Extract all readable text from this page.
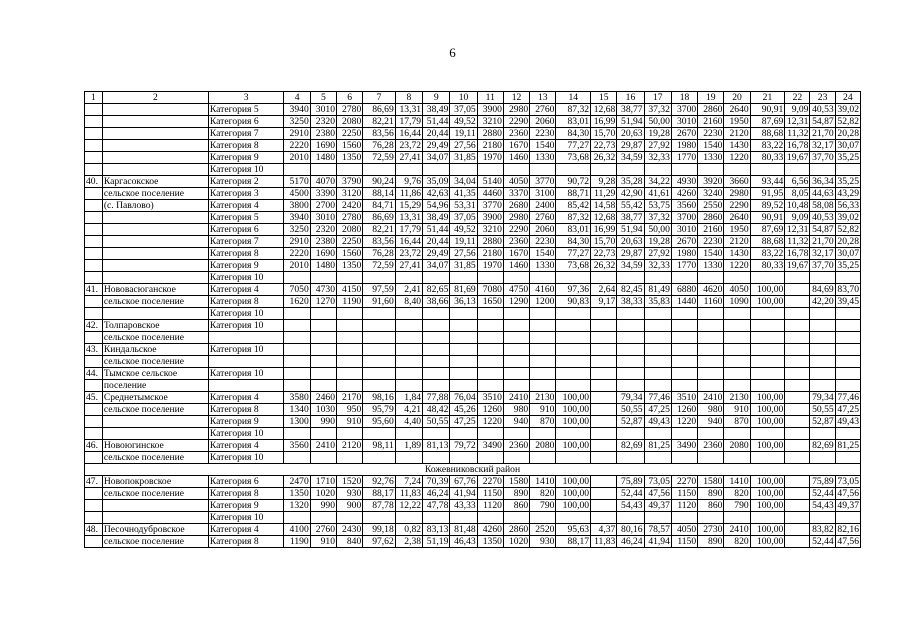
6
1	2	3	4	5	6	7	8	9	10	11	12	13	14	15	16	17	18	19	20	21	22	23	24
		Категория 5	3940	3010	2780	86,69	13,31	38,49	37,05	3900	2980	2760	87,32	12,68	38,77	37,32	3700	2860	2640	90,91	9,09	40,53	39,02
		Категория 6	3250	2320	2080	82,21	17,79	51,44	49,52	3210	2290	2060	83,01	16,99	51,94	50,00	3010	2160	1950	87,69	12,31	54,87	52,82
		Категория 7	2910	2380	2250	83,56	16,44	20,44	19,11	2880	2360	2230	84,30	15,70	20,63	19,28	2670	2230	2120	88,68	11,32	21,70	20,28
		Категория 8	2220	1690	1560	76,28	23,72	29,49	27,56	2180	1670	1540	77,27	22,73	29,87	27,92	1980	1540	1430	83,22	16,78	32,17	30,07
		Категория 9	2010	1480	1350	72,59	27,41	34,07	31,85	1970	1460	1330	73,68	26,32	34,59	32,33	1770	1330	1220	80,33	19,67	37,70	35,25
		Категория 10																					
40.	Каргасокское	Категория 2	5170	4070	3790	90,24	9,76	35,09	34,04	5140	4050	3770	90,72	9,28	35,28	34,22	4930	3920	3660	93,44	6,56	36,34	35,25
	сельское поселение	Категория 3	4500	3390	3120	88,14	11,86	42,63	41,35	4460	3370	3100	88,71	11,29	42,90	41,61	4260	3240	2980	91,95	8,05	44,63	43,29
	(с. Павлово)	Категория 4	3800	2700	2420	84,71	15,29	54,96	53,31	3770	2680	2400	85,42	14,58	55,42	53,75	3560	2550	2290	89,52	10,48	58,08	56,33
		Категория 5	3940	3010	2780	86,69	13,31	38,49	37,05	3900	2980	2760	87,32	12,68	38,77	37,32	3700	2860	2640	90,91	9,09	40,53	39,02
		Категория 6	3250	2320	2080	82,21	17,79	51,44	49,52	3210	2290	2060	83,01	16,99	51,94	50,00	3010	2160	1950	87,69	12,31	54,87	52,82
		Категория 7	2910	2380	2250	83,56	16,44	20,44	19,11	2880	2360	2230	84,30	15,70	20,63	19,28	2670	2230	2120	88,68	11,32	21,70	20,28
		Категория 8	2220	1690	1560	76,28	23,72	29,49	27,56	2180	1670	1540	77,27	22,73	29,87	27,92	1980	1540	1430	83,22	16,78	32,17	30,07
		Категория 9	2010	1480	1350	72,59	27,41	34,07	31,85	1970	1460	1330	73,68	26,32	34,59	32,33	1770	1330	1220	80,33	19,67	37,70	35,25
		Категория 10																					
41.	Нововасюганское	Категория 4	7050	4730	4150	97,59	2,41	82,65	81,69	7080	4750	4160	97,36	2,64	82,45	81,49	6880	4620	4050	100,00		84,69	83,70
	сельское поселение	Категория 8	1620	1270	1190	91,60	8,40	38,66	36,13	1650	1290	1200	90,83	9,17	38,33	35,83	1440	1160	1090	100,00		42,20	39,45
		Категория 10																					
42.	Толпаровское	Категория 10																					
	сельское поселение																						
43.	Киндальское	Категория 10																					
	сельское поселение																						
44.	Тымское сельское	Категория 10																					
	поселение																						
45.	Среднетымское	Категория 4	3580	2460	2170	98,16	1,84	77,88	76,04	3510	2410	2130	100,00		79,34	77,46	3510	2410	2130	100,00		79,34	77,46
	сельское поселение	Категория 8	1340	1030	950	95,79	4,21	48,42	45,26	1260	980	910	100,00		50,55	47,25	1260	980	910	100,00		50,55	47,25
		Категория 9	1300	990	910	95,60	4,40	50,55	47,25	1220	940	870	100,00		52,87	49,43	1220	940	870	100,00		52,87	49,43
		Категория 10																					
46.	Новоюгинское	Категория 4	3560	2410	2120	98,11	1,89	81,13	79,72	3490	2360	2080	100,00		82,69	81,25	3490	2360	2080	100,00		82,69	81,25
	сельское поселение	Категория 10																					
Кожевниковский район																							
47.	Новопокровское	Категория 6	2470	1710	1520	92,76	7,24	70,39	67,76	2270	1580	1410	100,00		75,89	73,05	2270	1580	1410	100,00		75,89	73,05
	сельское поселение	Категория 8	1350	1020	930	88,17	11,83	46,24	41,94	1150	890	820	100,00		52,44	47,56	1150	890	820	100,00		52,44	47,56
		Категория 9	1320	990	900	87,78	12,22	47,78	43,33	1120	860	790	100,00		54,43	49,37	1120	860	790	100,00		54,43	49,37
		Категория 10																					
48.	Песочнодубровское	Категория 4	4100	2760	2430	99,18	0,82	83,13	81,48	4260	2860	2520	95,63	4,37	80,16	78,57	4050	2730	2410	100,00		83,82	82,16
	сельское поселение	Категория 8	1190	910	840	97,62	2,38	51,19	46,43	1350	1020	930	88,17	11,83	46,24	41,94	1150	890	820	100,00		52,44	47,56
